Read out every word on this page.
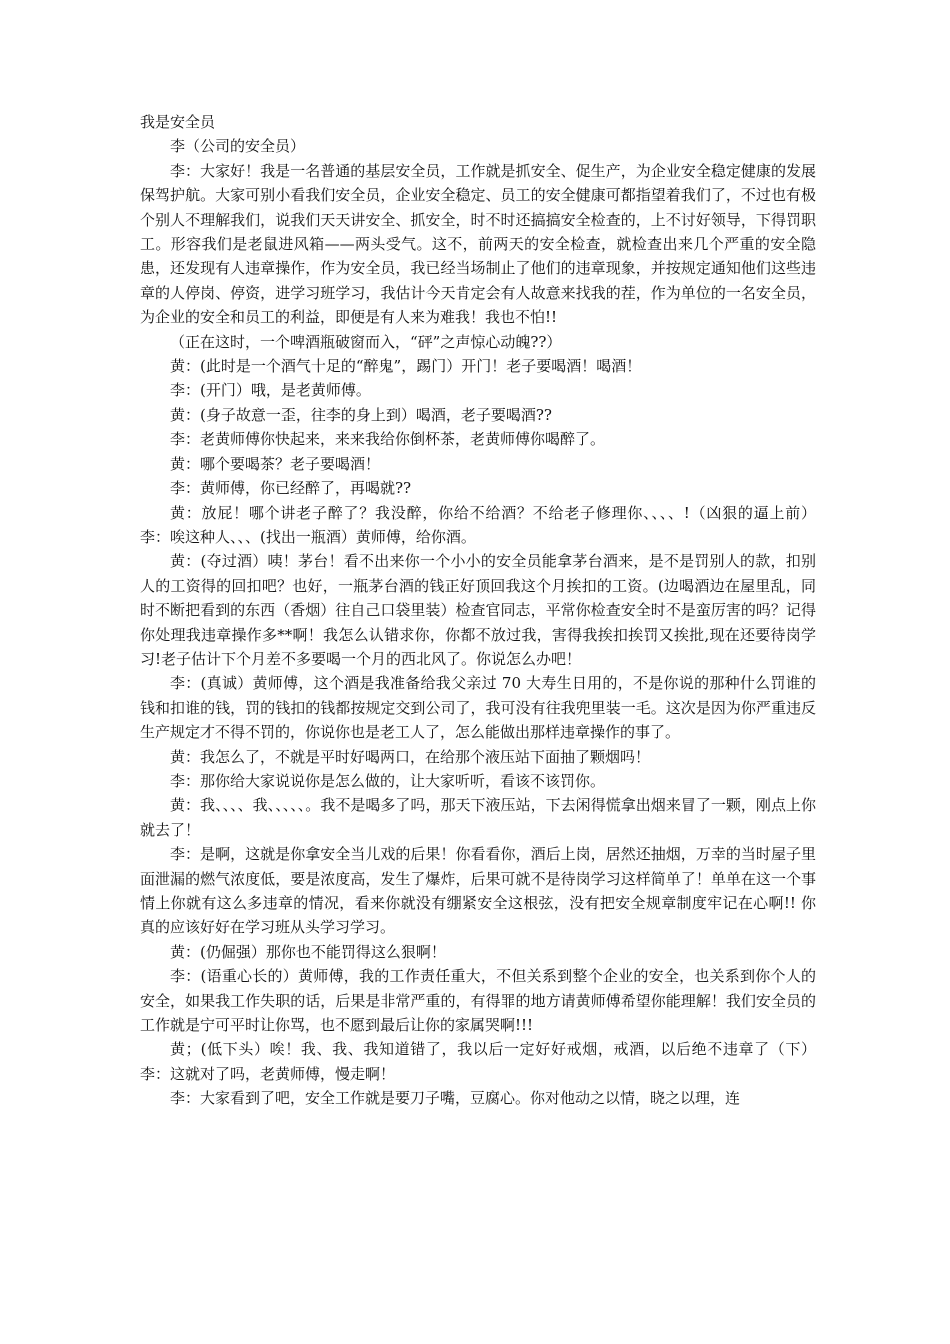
我是安全员

李（公司的安全员）

李：大家好！我是一名普通的基层安全员，工作就是抓安全、促生产，为企业安全稳定健康的发展保驾护航。大家可别小看我们安全员，企业安全稳定、员工的安全健康可都指望着我们了，不过也有极个别人不理解我们，说我们天天讲安全、抓安全，时不时还搞搞安全检查的，上不讨好领导，下得罚职工。形容我们是老鼠进风箱——两头受气。这不，前两天的安全检查，就检查出来几个严重的安全隐患，还发现有人违章操作，作为安全员，我已经当场制止了他们的违章现象，并按规定通知他们这些违章的人停岗、停资，进学习班学习，我估计今天肯定会有人故意来找我的茬，作为单位的一名安全员，为企业的安全和员工的利益，即便是有人来为难我！我也不怕!!

（正在这时，一个啤酒瓶破窗而入，“砰”之声惊心动魄??）

黄：(此时是一个酒气十足的“醉鬼”，踢门）开门！老子要喝酒！喝酒！

李：(开门）哦，是老黄师傅。

黄：(身子故意一歪，往李的身上到）喝酒，老子要喝酒??

李：老黄师傅你快起来，来来我给你倒杯茶，老黄师傅你喝醉了。

黄：哪个要喝茶？老子要喝酒！

李：黄师傅，你已经醉了，再喝就??

黄：放屁！哪个讲老子醉了？我没醉，你给不给酒？不给老子修理你、、、、!（凶狠的逼上前） 李：唉这种人、、、(找出一瓶酒）黄师傅，给你酒。

黄：(夺过酒）咦！茅台！看不出来你一个小小的安全员能拿茅台酒来，是不是罚别人的款，扣别人的工资得的回扣吧？也好，一瓶茅台酒的钱正好顶回我这个月挨扣的工资。(边喝酒边在屋里乱，同时不断把看到的东西（香烟）往自己口袋里装）检查官同志，平常你检查安全时不是蛮厉害的吗？记得你处理我违章操作多**啊！我怎么认错求你，你都不放过我，害得我挨扣挨罚又挨批,现在还要待岗学习!老子估计下个月差不多要喝一个月的西北风了。你说怎么办吧！

李：(真诚）黄师傅，这个酒是我准备给我父亲过 70 大寿生日用的，不是你说的那种什么罚谁的钱和扣谁的钱，罚的钱扣的钱都按规定交到公司了，我可没有往我兜里装一毛。这次是因为你严重违反生产规定才不得不罚的，你说你也是老工人了，怎么能做出那样违章操作的事了。

黄：我怎么了，不就是平时好喝两口，在给那个液压站下面抽了颗烟吗！

李：那你给大家说说你是怎么做的，让大家听听，看该不该罚你。

黄：我、、、、我、、、、、。我不是喝多了吗，那天下液压站，下去闲得慌拿出烟来冒了一颗，刚点上你就去了！

李：是啊，这就是你拿安全当儿戏的后果！你看看你，酒后上岗，居然还抽烟，万幸的当时屋子里面泄漏的燃气浓度低，要是浓度高，发生了爆炸，后果可就不是待岗学习这样简单了！单单在这一个事情上你就有这么多违章的情况，看来你就没有绷紧安全这根弦，没有把安全规章制度牢记在心啊!! 你真的应该好好在学习班从头学习学习。

黄：(仍倔强）那你也不能罚得这么狠啊！

李：(语重心长的）黄师傅，我的工作责任重大，不但关系到整个企业的安全，也关系到你个人的安全，如果我工作失职的话，后果是非常严重的，有得罪的地方请黄师傅希望你能理解！我们安全员的工作就是宁可平时让你骂，也不愿到最后让你的家属哭啊!!!

黄；(低下头）唉！我、我、我知道错了，我以后一定好好戒烟，戒酒，以后绝不违章了（下） 李：这就对了吗，老黄师傅，慢走啊！

李：大家看到了吧，安全工作就是要刀子嘴，豆腐心。你对他动之以情，晓之以理，连
